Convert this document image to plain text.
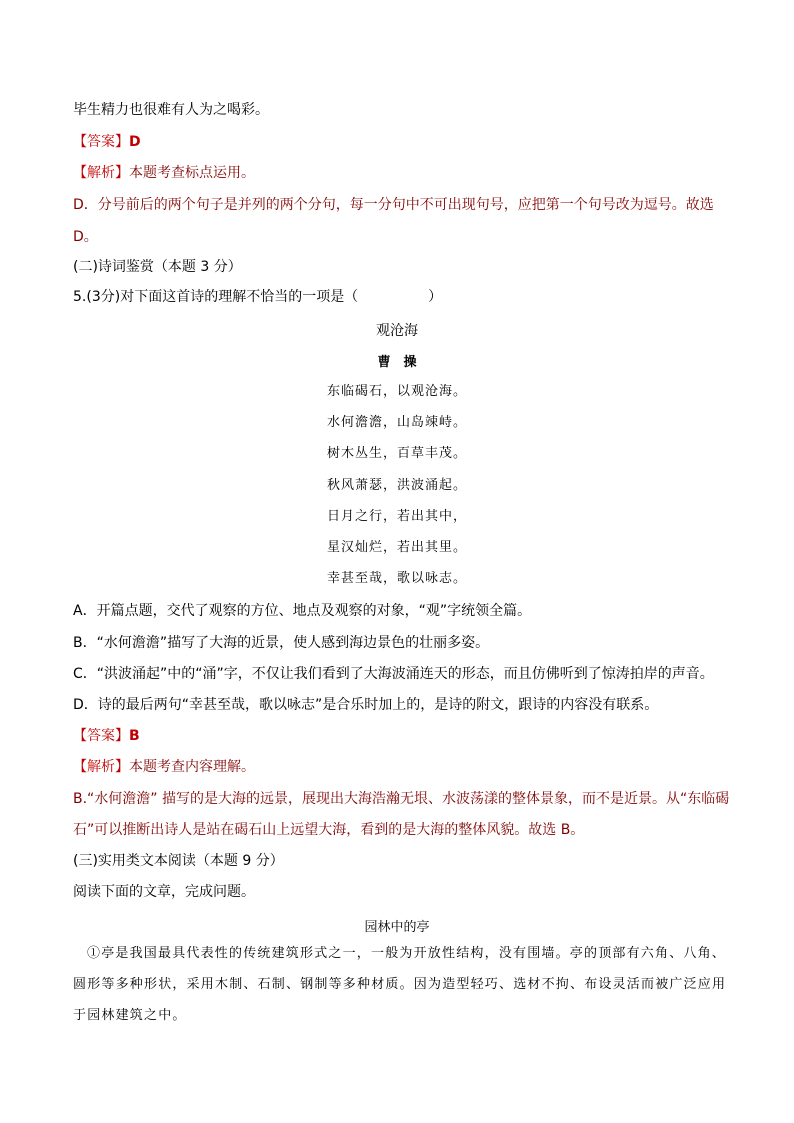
毕生精力也很难有人为之喝彩。
【答案】D
【解析】本题考查标点运用。
D．分号前后的两个句子是并列的两个分句，每一分句中不可出现句号，应把第一个句号改为逗号。故选
D。
(二)诗词鉴赏（本题 3 分）
5.(3分)对下面这首诗的理解不恰当的一项是（　　　　　）
观沧海
曹　操
东临碣石，以观沧海。
水何澹澹，山岛竦峙。
树木丛生，百草丰茂。
秋风萧瑟，洪波涌起。
日月之行，若出其中，
星汉灿烂，若出其里。
幸甚至哉，歌以咏志。
A．开篇点题，交代了观察的方位、地点及观察的对象，“观”字统领全篇。
B．“水何澹澹”描写了大海的近景，使人感到海边景色的壮丽多姿。
C．“洪波涌起”中的“涌”字，不仅让我们看到了大海波涌连天的形态，而且仿佛听到了惊涛拍岸的声音。
D．诗的最后两句“幸甚至哉，歌以咏志”是合乐时加上的，是诗的附文，跟诗的内容没有联系。
【答案】B
【解析】本题考查内容理解。
B.“水何澹澹” 描写的是大海的远景，展现出大海浩瀚无垠、水波荡漾的整体景象，而不是近景。从“东临碣
石”可以推断出诗人是站在碣石山上远望大海，看到的是大海的整体风貌。故选 B。
(三)实用类文本阅读（本题 9 分）
阅读下面的文章，完成问题。
园林中的亭
①亭是我国最具代表性的传统建筑形式之一，一般为开放性结构，没有围墙。亭的顶部有六角、八角、圆形等多种形状，采用木制、石制、钢制等多种材质。因为造型轻巧、选材不拘、布设灵活而被广泛应用于园林建筑之中。
